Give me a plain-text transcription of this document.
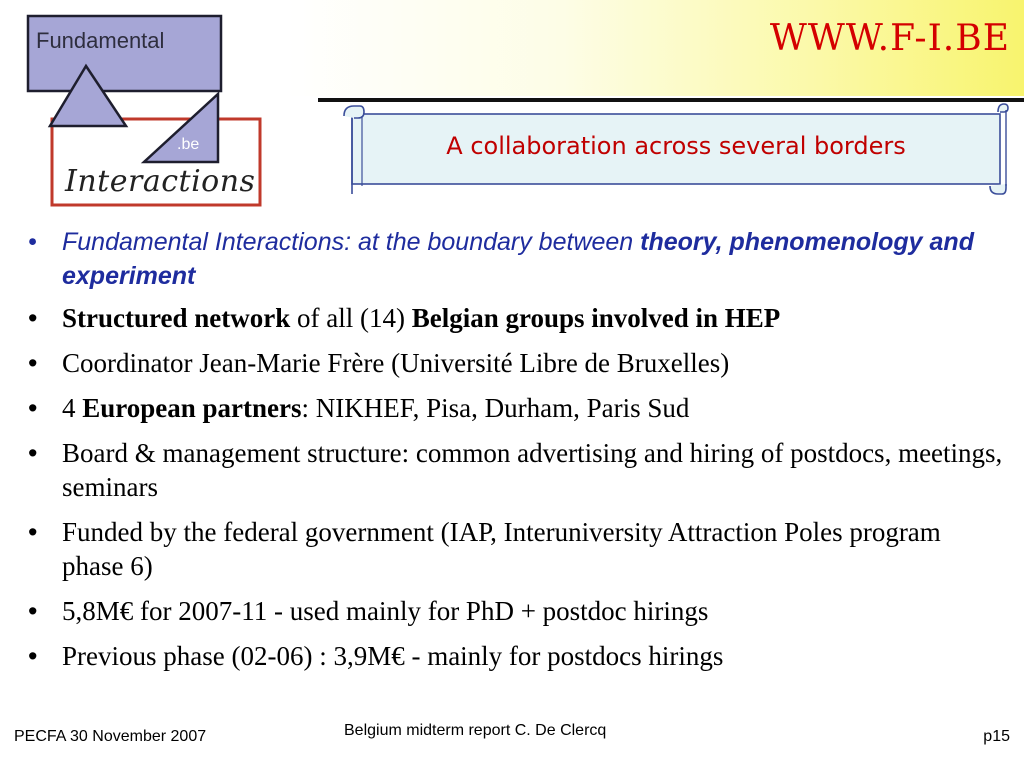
Fundamental
.be
Interactions
WWW.F-I.BE
A collaboration across several borders
• Fundamental Interactions: at the boundary between theory, phenomenology and experiment
• Structured network of all (14) Belgian groups involved in HEP
• Coordinator Jean-Marie Frère (Université Libre de Bruxelles)
• 4 European partners: NIKHEF, Pisa, Durham, Paris Sud
• Board & management structure: common advertising and hiring of postdocs, meetings, seminars
• Funded by the federal government (IAP, Interuniversity Attraction Poles program phase 6)
• 5,8M€ for 2007-11 - used mainly for PhD + postdoc hirings
• Previous phase (02-06) : 3,9M€ - mainly for postdocs hirings
PECFA 30 November 2007	Belgium midterm report C. De Clercq	p15
